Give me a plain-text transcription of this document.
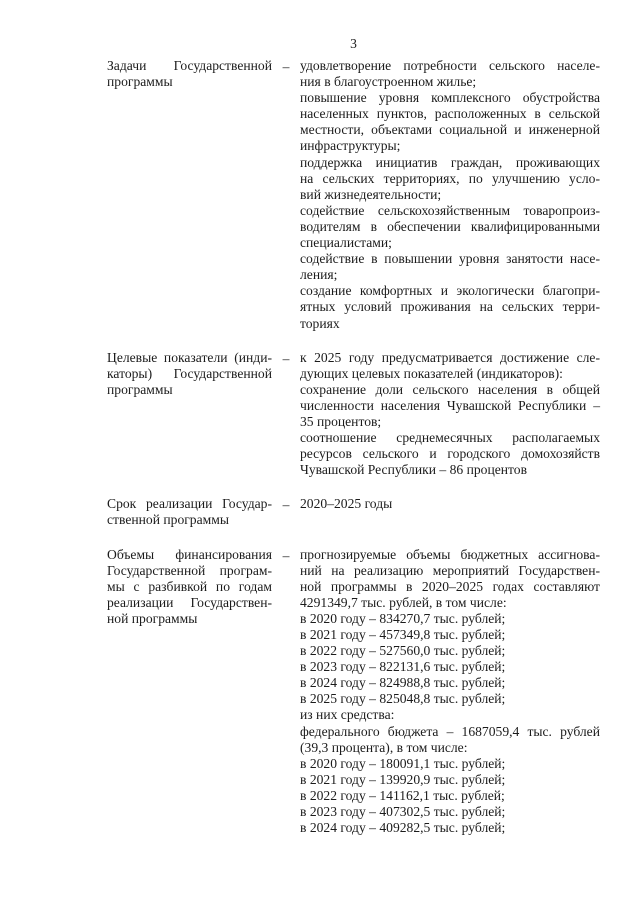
3
Задачи Государственной
программы
– удовлетворение потребности сельского населе-
ния в благоустроенном жилье;
повышение уровня комплексного обустройства
населенных пунктов, расположенных в сельской
местности, объектами социальной и инженерной
инфраструктуры;
поддержка инициатив граждан, проживающих
на сельских территориях, по улучшению усло-
вий жизнедеятельности;
содействие сельскохозяйственным товаропроиз-
водителям в обеспечении квалифицированными
специалистами;
содействие в повышении уровня занятости насе-
ления;
создание комфортных и экологически благопри-
ятных условий проживания на сельских терри-
ториях
Целевые показатели (инди-
каторы) Государственной
программы
– к 2025 году предусматривается достижение сле-
дующих целевых показателей (индикаторов):
сохранение доли сельского населения в общей
численности населения Чувашской Республики –
35 процентов;
соотношение среднемесячных располагаемых
ресурсов сельского и городского домохозяйств
Чувашской Республики – 86 процентов
Срок реализации Государ-
ственной программы
– 2020–2025 годы
Объемы финансирования
Государственной програм-
мы с разбивкой по годам
реализации Государствен-
ной программы
– прогнозируемые объемы бюджетных ассигнова-
ний на реализацию мероприятий Государствен-
ной программы в 2020–2025 годах составляют
4291349,7 тыс. рублей, в том числе:
в 2020 году – 834270,7 тыс. рублей;
в 2021 году – 457349,8 тыс. рублей;
в 2022 году – 527560,0 тыс. рублей;
в 2023 году – 822131,6 тыс. рублей;
в 2024 году – 824988,8 тыс. рублей;
в 2025 году – 825048,8 тыс. рублей;
из них средства:
федерального бюджета – 1687059,4 тыс. рублей
(39,3 процента), в том числе:
в 2020 году – 180091,1 тыс. рублей;
в 2021 году – 139920,9 тыс. рублей;
в 2022 году – 141162,1 тыс. рублей;
в 2023 году – 407302,5 тыс. рублей;
в 2024 году – 409282,5 тыс. рублей;
